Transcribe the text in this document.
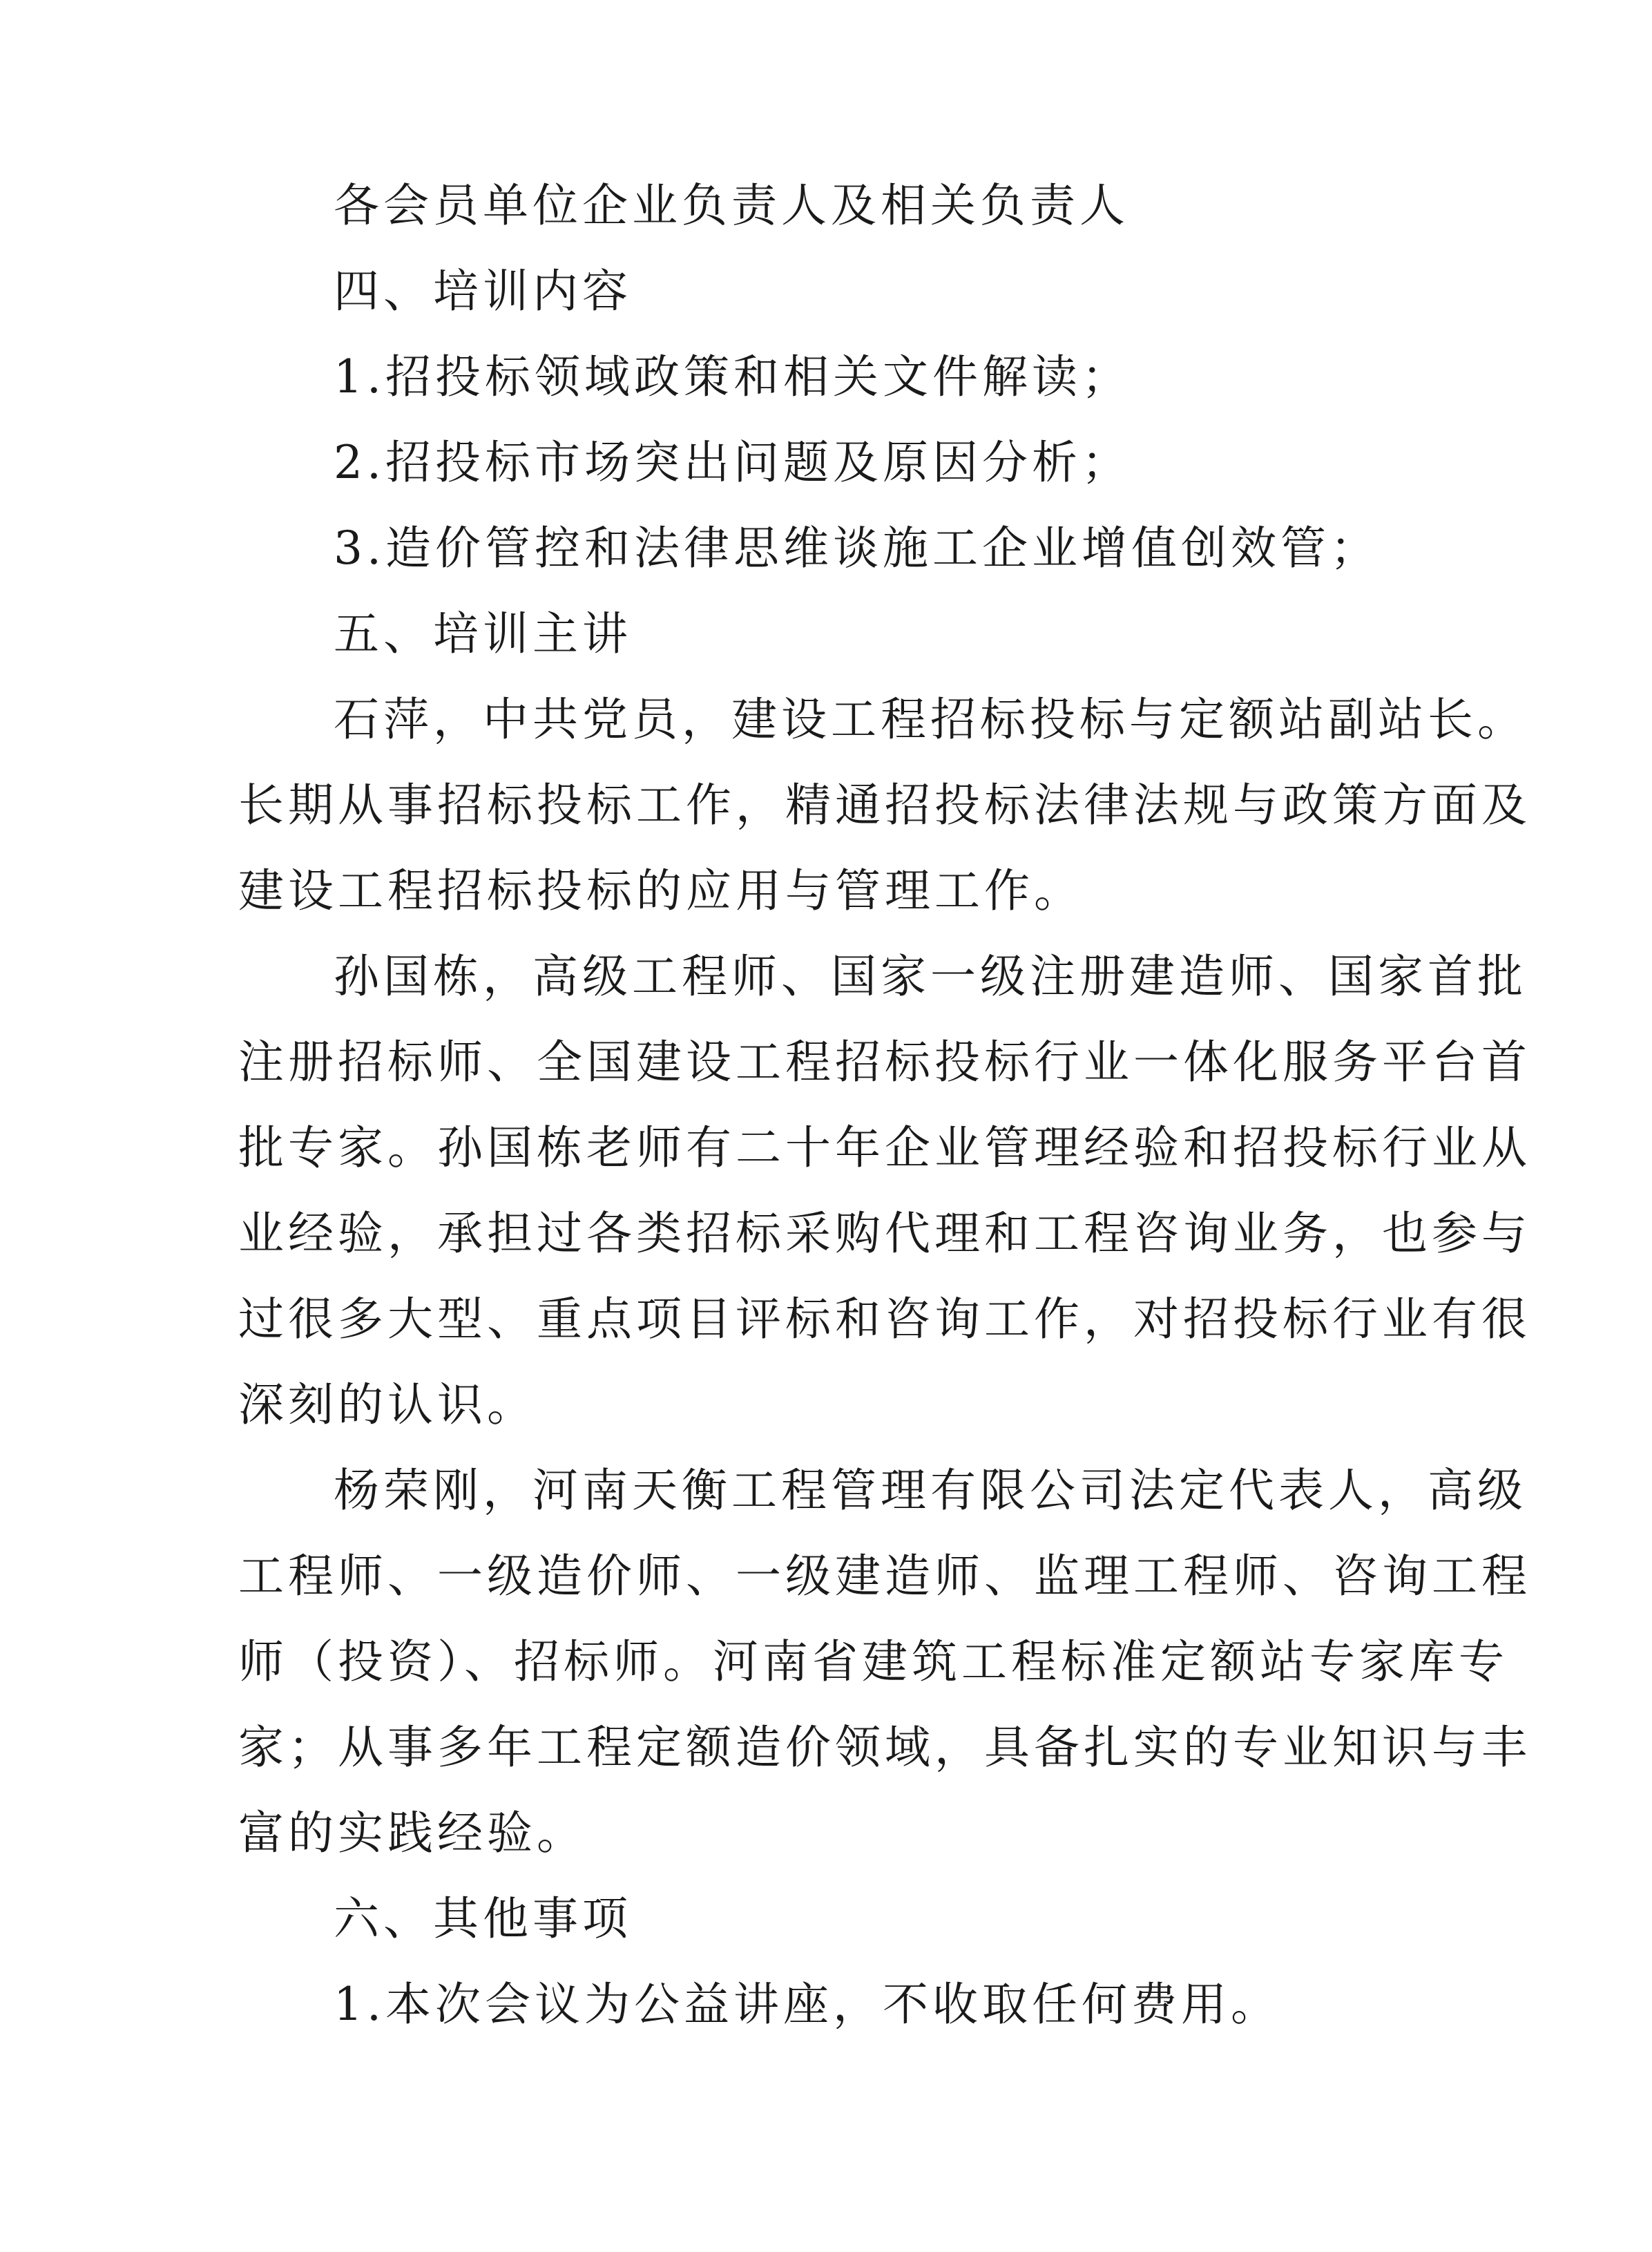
各会员单位企业负责人及相关负责人
四、培训内容
1.招投标领域政策和相关文件解读；
2.招投标市场突出问题及原因分析；
3.造价管控和法律思维谈施工企业增值创效管；
五、培训主讲
石萍，中共党员，建设工程招标投标与定额站副站长。
长期从事招标投标工作，精通招投标法律法规与政策方面及
建设工程招标投标的应用与管理工作。
孙国栋，高级工程师、国家一级注册建造师、国家首批
注册招标师、全国建设工程招标投标行业一体化服务平台首
批专家。孙国栋老师有二十年企业管理经验和招投标行业从
业经验，承担过各类招标采购代理和工程咨询业务，也参与
过很多大型、重点项目评标和咨询工作，对招投标行业有很
深刻的认识。
杨荣刚，河南天衡工程管理有限公司法定代表人，高级
工程师、一级造价师、一级建造师、监理工程师、咨询工程
师（投资）、招标师。河南省建筑工程标准定额站专家库专
家；从事多年工程定额造价领域，具备扎实的专业知识与丰
富的实践经验。
六、其他事项
1.本次会议为公益讲座，不收取任何费用。
